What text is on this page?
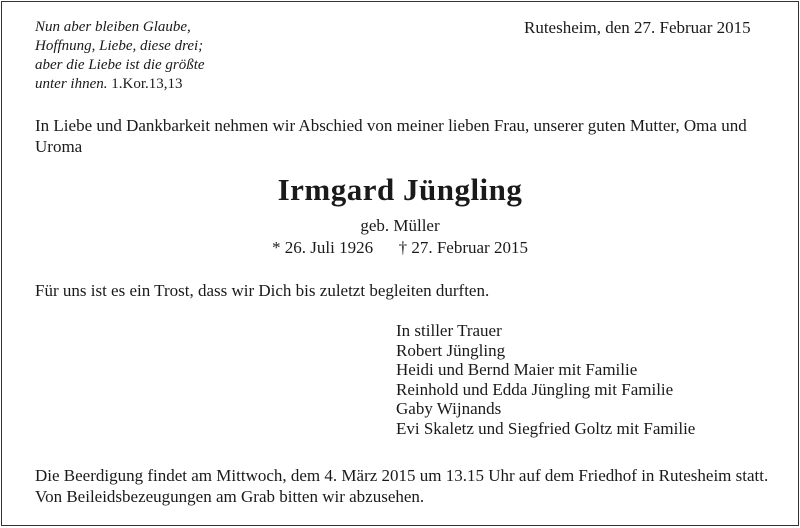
Nun aber bleiben Glaube,
Hoffnung, Liebe, diese drei;
aber die Liebe ist die größte
unter ihnen. 1.Kor.13,13
Rutesheim, den 27. Februar 2015
In Liebe und Dankbarkeit nehmen wir Abschied von meiner lieben Frau, unserer guten Mutter, Oma und Uroma
Irmgard Jüngling
geb. Müller
* 26. Juli 1926      † 27. Februar 2015
Für uns ist es ein Trost, dass wir Dich bis zuletzt begleiten durften.
In stiller Trauer
Robert Jüngling
Heidi und Bernd Maier mit Familie
Reinhold und Edda Jüngling mit Familie
Gaby Wijnands
Evi Skaletz und Siegfried Goltz mit Familie
Die Beerdigung findet am Mittwoch, dem 4. März 2015 um 13.15 Uhr auf dem Friedhof in Rutesheim statt. Von Beileidsbezeugungen am Grab bitten wir abzusehen.
